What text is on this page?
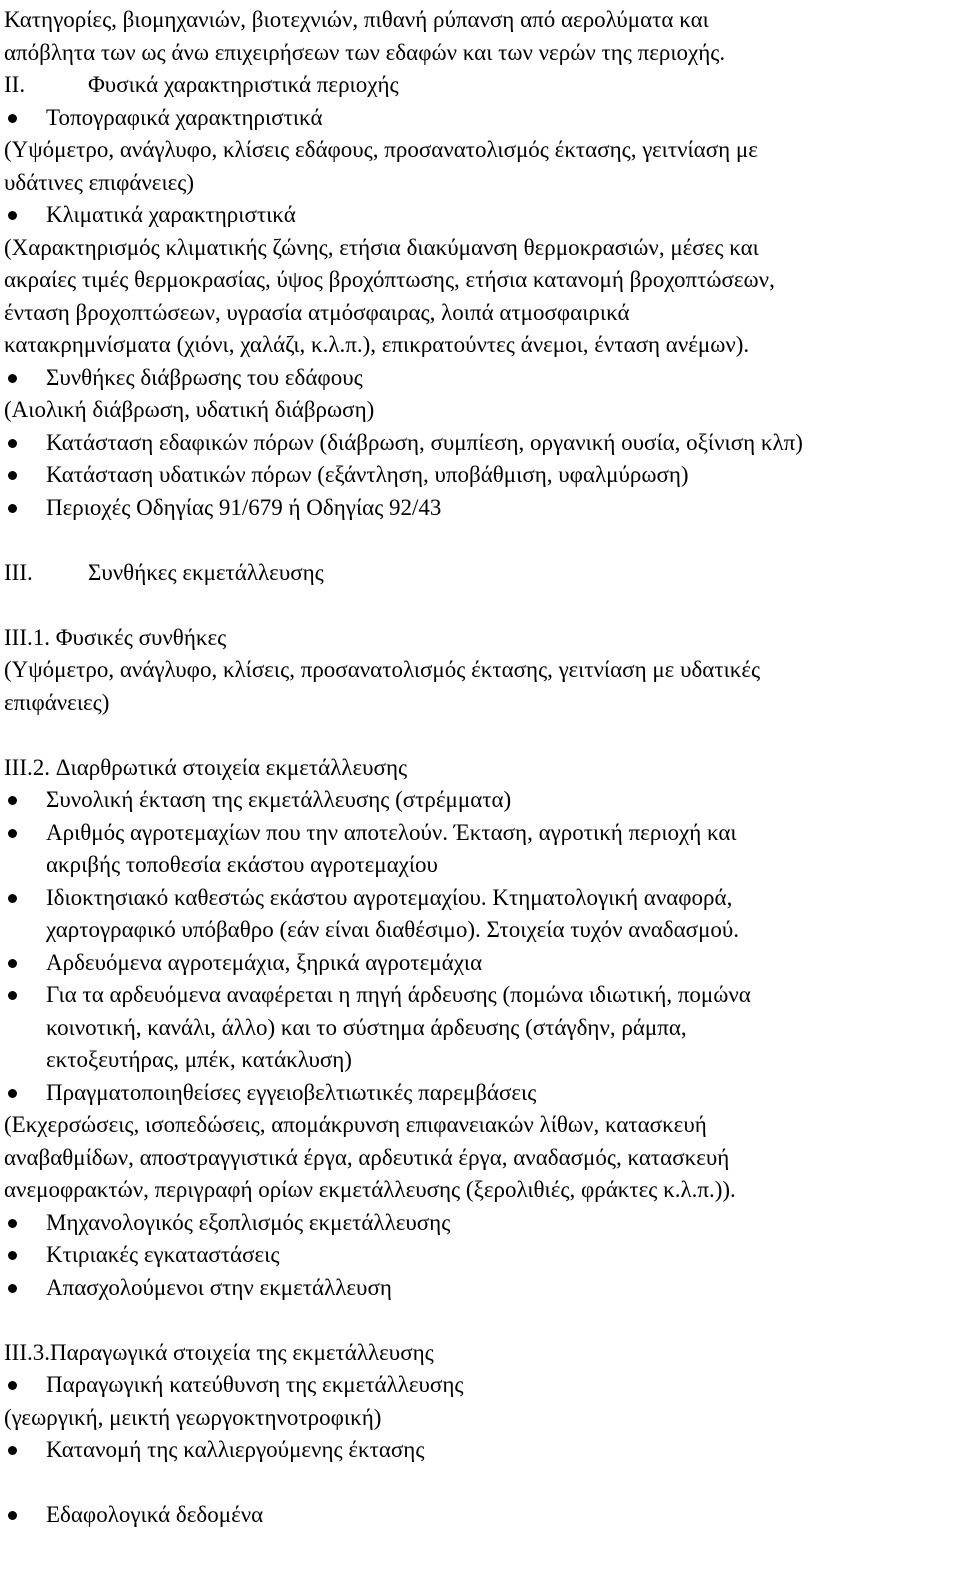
Κατηγορίες, βιομηχανιών, βιοτεχνιών, πιθανή ρύπανση από αερολύματα και
απόβλητα των ως άνω επιχειρήσεων των εδαφών και των νερών της περιοχής.
II.	Φυσικά χαρακτηριστικά περιοχής
Τοπογραφικά χαρακτηριστικά
(Υψόμετρο, ανάγλυφο, κλίσεις εδάφους, προσανατολισμός έκτασης, γειτνίαση με
υδάτινες επιφάνειες)
Κλιματικά χαρακτηριστικά
(Χαρακτηρισμός κλιματικής ζώνης, ετήσια διακύμανση θερμοκρασιών, μέσες και
ακραίες τιμές θερμοκρασίας, ύψος βροχόπτωσης, ετήσια κατανομή βροχοπτώσεων,
ένταση βροχοπτώσεων, υγρασία ατμόσφαιρας, λοιπά ατμοσφαιρικά
κατακρημνίσματα (χιόνι, χαλάζι, κ.λ.π.), επικρατούντες άνεμοι, ένταση ανέμων).
Συνθήκες διάβρωσης του εδάφους
(Αιολική διάβρωση, υδατική διάβρωση)
Κατάσταση εδαφικών πόρων (διάβρωση, συμπίεση, οργανική ουσία, οξίνιση κλπ)
Κατάσταση υδατικών πόρων (εξάντληση, υποβάθμιση, υφαλμύρωση)
Περιοχές Οδηγίας 91/679 ή Οδηγίας 92/43
III. Συνθήκες εκμετάλλευσης
III.1. Φυσικές συνθήκες
(Υψόμετρο, ανάγλυφο, κλίσεις, προσανατολισμός έκτασης, γειτνίαση με υδατικές
επιφάνειες)
III.2. Διαρθρωτικά στοιχεία εκμετάλλευσης
Συνολική έκταση της εκμετάλλευσης (στρέμματα)
Αριθμός αγροτεμαχίων που την αποτελούν. Έκταση, αγροτική περιοχή και
ακριβής τοποθεσία εκάστου αγροτεμαχίου
Ιδιοκτησιακό καθεστώς εκάστου αγροτεμαχίου. Κτηματολογική αναφορά,
χαρτογραφικό υπόβαθρο (εάν είναι διαθέσιμο). Στοιχεία τυχόν αναδασμού.
Αρδευόμενα αγροτεμάχια, ξηρικά αγροτεμάχια
Για τα αρδευόμενα αναφέρεται η πηγή άρδευσης (πομώνα ιδιωτική, πομώνα
κοινοτική, κανάλι, άλλο) και το σύστημα άρδευσης (στάγδην, ράμπα,
εκτοξευτήρας, μπέκ, κατάκλυση)
Πραγματοποιηθείσες εγγειοβελτιωτικές παρεμβάσεις
(Εκχερσώσεις, ισοπεδώσεις, απομάκρυνση επιφανειακών λίθων, κατασκευή
αναβαθμίδων, αποστραγγιστικά έργα, αρδευτικά έργα, αναδασμός, κατασκευή
ανεμοφρακτών, περιγραφή ορίων εκμετάλλευσης (ξερολιθιές, φράκτες κ.λ.π.)).
Μηχανολογικός εξοπλισμός εκμετάλλευσης
Κτιριακές εγκαταστάσεις
Απασχολούμενοι στην εκμετάλλευση
III.3.Παραγωγικά στοιχεία της εκμετάλλευσης
Παραγωγική κατεύθυνση της εκμετάλλευσης
(γεωργική, μεικτή γεωργοκτηνοτροφική)
Κατανομή της καλλιεργούμενης έκτασης
Εδαφολογικά δεδομένα
